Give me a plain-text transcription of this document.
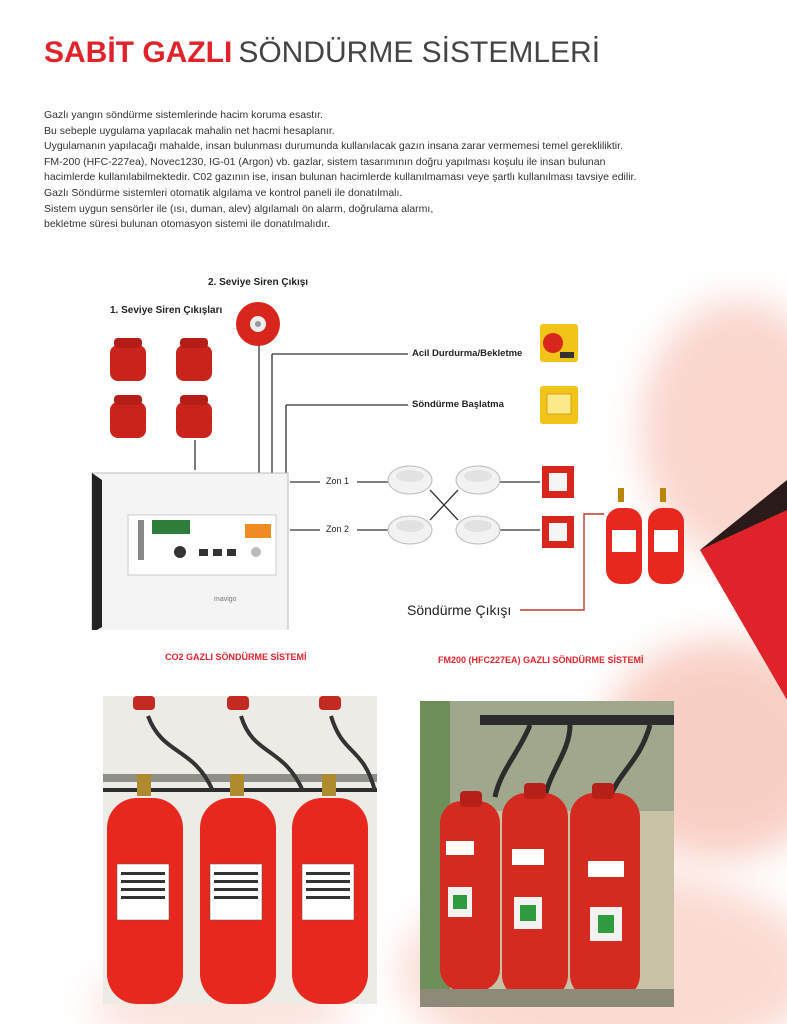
SABİT GAZLI SÖNDÜRME SİSTEMLERİ

Gazlı yangın söndürme sistemlerinde hacim koruma esastır.

Bu sebeple uygulama yapılacak mahalin net hacmi hesaplanır.

Uygulamanın yapılacağı mahalde, insan bulunması durumunda kullanılacak gazın insana zarar vermemesi temel gerekliliktir.

FM-200 (HFC-227ea), Novec1230, IG-01 (Argon) vb. gazlar, sistem tasarımının doğru yapılması koşulu ile insan bulunan

hacimlerde kullanılabilmektedir. C02 gazının ise, insan bulunan hacimlerde kullanılmaması veye şartlı kullanılması tavsiye edilir.

Gazlı Söndürme sistemleri otomatik algılama ve kontrol paneli ile donatılmalı.

Sistem uygun sensörler ile (ısı, duman, alev) algılamalı ön alarm, doğrulama alarmı,

bekletme süresi bulunan otomasyon sistemi ile donatılmalıdır.

2. Seviye Siren Çıkışı
1. Seviye Siren Çıkışları
Acil Durdurma/Bekletme
Söndürme Başlatma
Zon 1
Zon 2
Söndürme Çıkışı
mavigo
CO2 GAZLI SÖNDÜRME SİSTEMİ	FM200 (HFC227EA) GAZLI SÖNDÜRME SİSTEMİ
